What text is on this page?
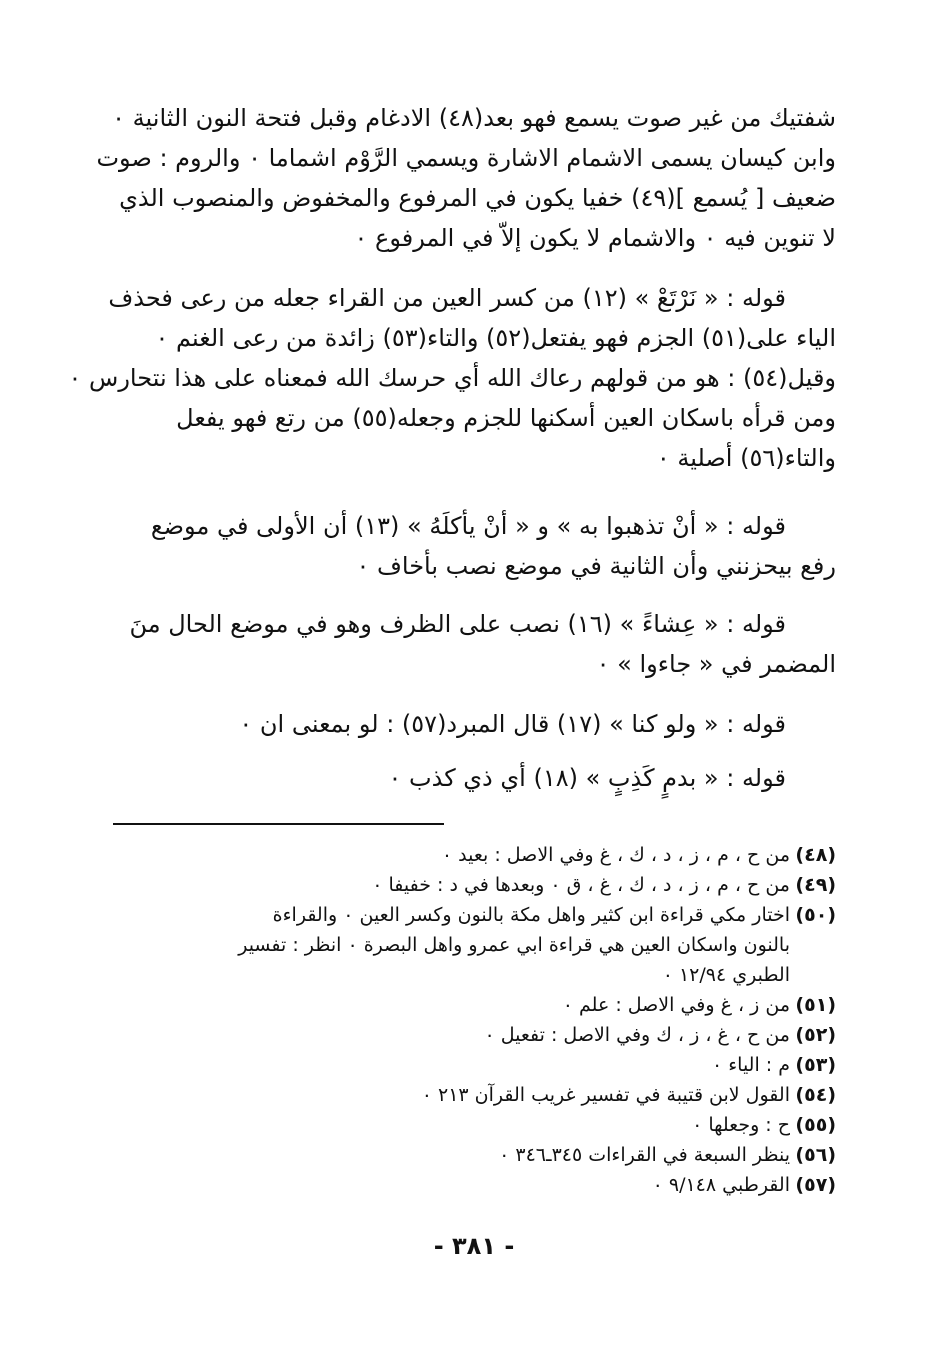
شفتيك من غير صوت يسمع فهو بعد(٤٨) الادغام وقبل فتحة النون الثانية ٠
وابن كيسان يسمى الاشمام الاشارة ويسمي الرَّوْم اشماما ٠ والروم : صوت
ضعيف [ يُسمع ](٤٩) خفيا يكون في المرفوع والمخفوض والمنصوب الذي
لا تنوين فيه ٠ والاشمام لا يكون إلاّ في المرفوع ٠
قوله : « نَرْتَعْ » (١٢) من كسر العين من القراء جعله من رعى فحذف
الياء على(٥١) الجزم فهو يفتعل(٥٢) والتاء(٥٣) زائدة من رعى الغنم ٠
وقيل(٥٤) : هو من قولهم رعاك الله أي حرسك الله فمعناه على هذا نتحارس ٠
ومن قرأه باسكان العين أسكنها للجزم وجعله(٥٥) من رتع فهو يفعل
والتاء(٥٦) أصلية ٠
قوله : « أنْ تذهبوا به » و « أنْ يأكلَهُ » (١٣) أن الأولى في موضع
رفع بيحزنني وأن الثانية في موضع نصب بأخاف ٠
قوله : « عِشاءً » (١٦) نصب على الظرف وهو في موضع الحال منَ
المضمر في « جاءوا » ٠
قوله : « ولو كنا » (١٧) قال المبرد(٥٧) : لو بمعنى ان ٠
قوله : « بدمٍ كَذِبٍ » (١٨) أي ذي كذب ٠
(٤٨)
من ح ، م ، ز ، د ، ك ، غ وفي الاصل : بعيد ٠
(٤٩)
من ح ، م ، ز ، د ، ك ، غ ، ق ٠ وبعدها في د : خفيفا ٠
(٥٠)
اختار مكي قراءة ابن كثير واهل مكة بالنون وكسر العين ٠ والقراءة
بالنون واسكان العين هي قراءة ابي عمرو واهل البصرة ٠ انظر : تفسير
الطبري ١٢/٩٤ ٠
(٥١)
من ز ، غ وفي الاصل : علم ٠
(٥٢)
من ح ، غ ، ز ، ك وفي الاصل : تفعيل ٠
(٥٣)
م : الياء ٠
(٥٤)
القول لابن قتيبة في تفسير غريب القرآن ٢١٣ ٠
(٥٥)
ح : وجعلها ٠
(٥٦)
ينظر السبعة في القراءات ٣٤٥ـ٣٤٦ ٠
(٥٧)
القرطبي ٩/١٤٨ ٠
- ٣٨١ -
